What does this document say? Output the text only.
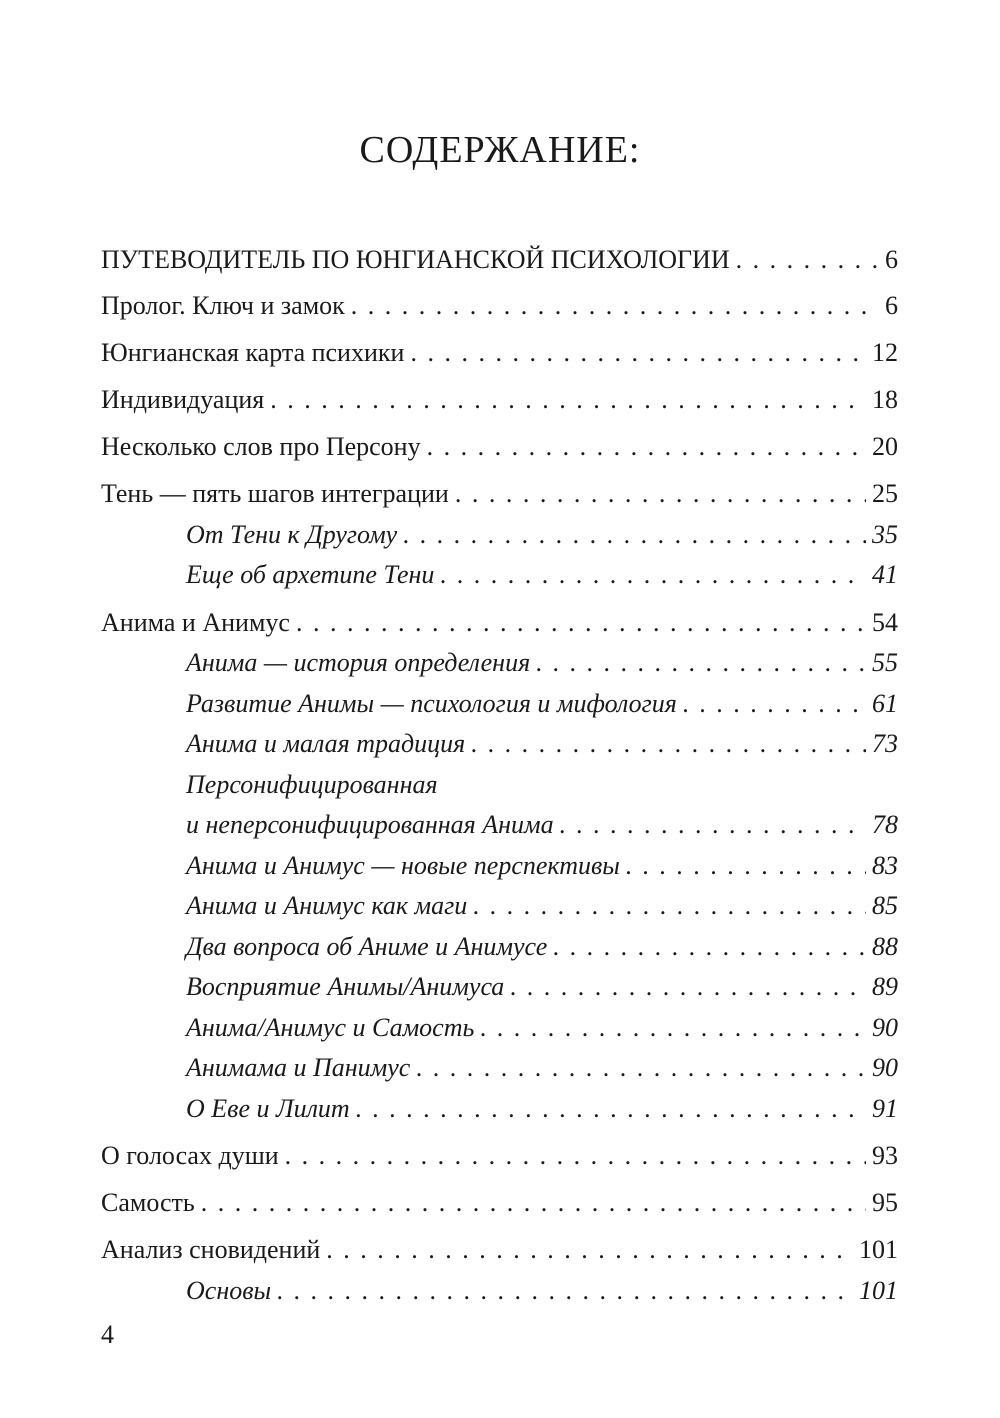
СОДЕРЖАНИЕ:
ПУТЕВОДИТЕЛЬ ПО ЮНГИАНСКОЙ ПСИХОЛОГИИ . . .	6
Пролог. Ключ и замок . . .	6
Юнгианская карта психики . . .	12
Индивидуация . . .	18
Несколько слов про Персону . . .	20
Тень — пять шагов интеграции . . .	25
От Тени к Другому . . .	35
Еще об архетипе Тени . . .	41
Анима и Анимус . . .	54
Анима — история определения . . .	55
Развитие Анимы — психология и мифология . . .	61
Анима и малая традиция . . .	73
Персонифицированная
и неперсонифицированная Анима . . .	78
Анима и Анимус — новые перспективы . . .	83
Анима и Анимус как маги . . .	85
Два вопроса об Аниме и Анимусе . . .	88
Восприятие Анимы/Анимуса . . .	89
Анима/Анимус и Самость . . .	90
Анимама и Панимус . . .	90
О Еве и Лилит . . .	91
О голосах души . . .	93
Самость . . .	95
Анализ сновидений . . .	101
Основы . . .	101
4
